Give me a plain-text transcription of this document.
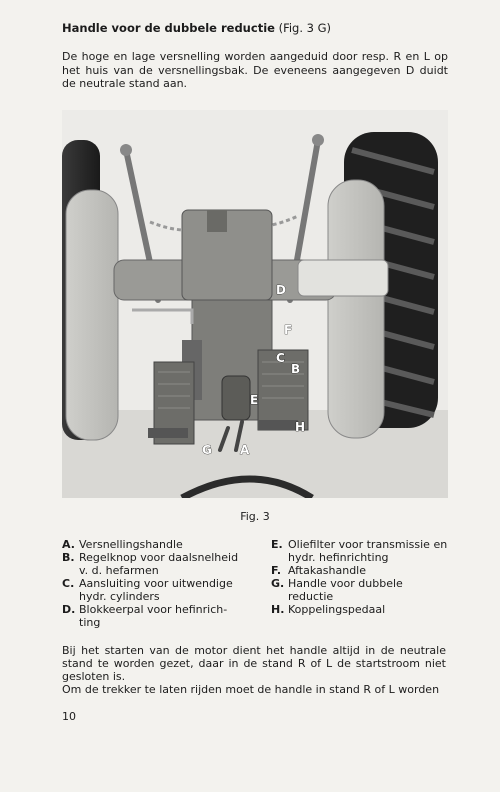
Handle voor de dubbele reductie (Fig. 3 G)
De hoge en lage versnelling worden aangeduid door resp. R en L op het huis van de versnellingsbak. De eveneens aangegeven D duidt de neutrale stand aan.
D
F
C
B
E
H
G A
Fig. 3
A. Versnellingshandle
B. Regelknop voor daalsnelheid v. d. hefarmen
C. Aansluiting voor uitwendige hydr. cylinders
D. Blokkeerpal voor hefinrich-ting
E. Oliefilter voor transmissie en hydr. hefinrichting
F. Aftakashandle
G. Handle voor dubbele reductie
H. Koppelingspedaal

Bij het starten van de motor dient het handle altijd in de neutrale stand te worden gezet, daar in de stand R of L de startstroom niet gesloten is.

Om de trekker te laten rijden moet de handle in stand R of L worden

10
